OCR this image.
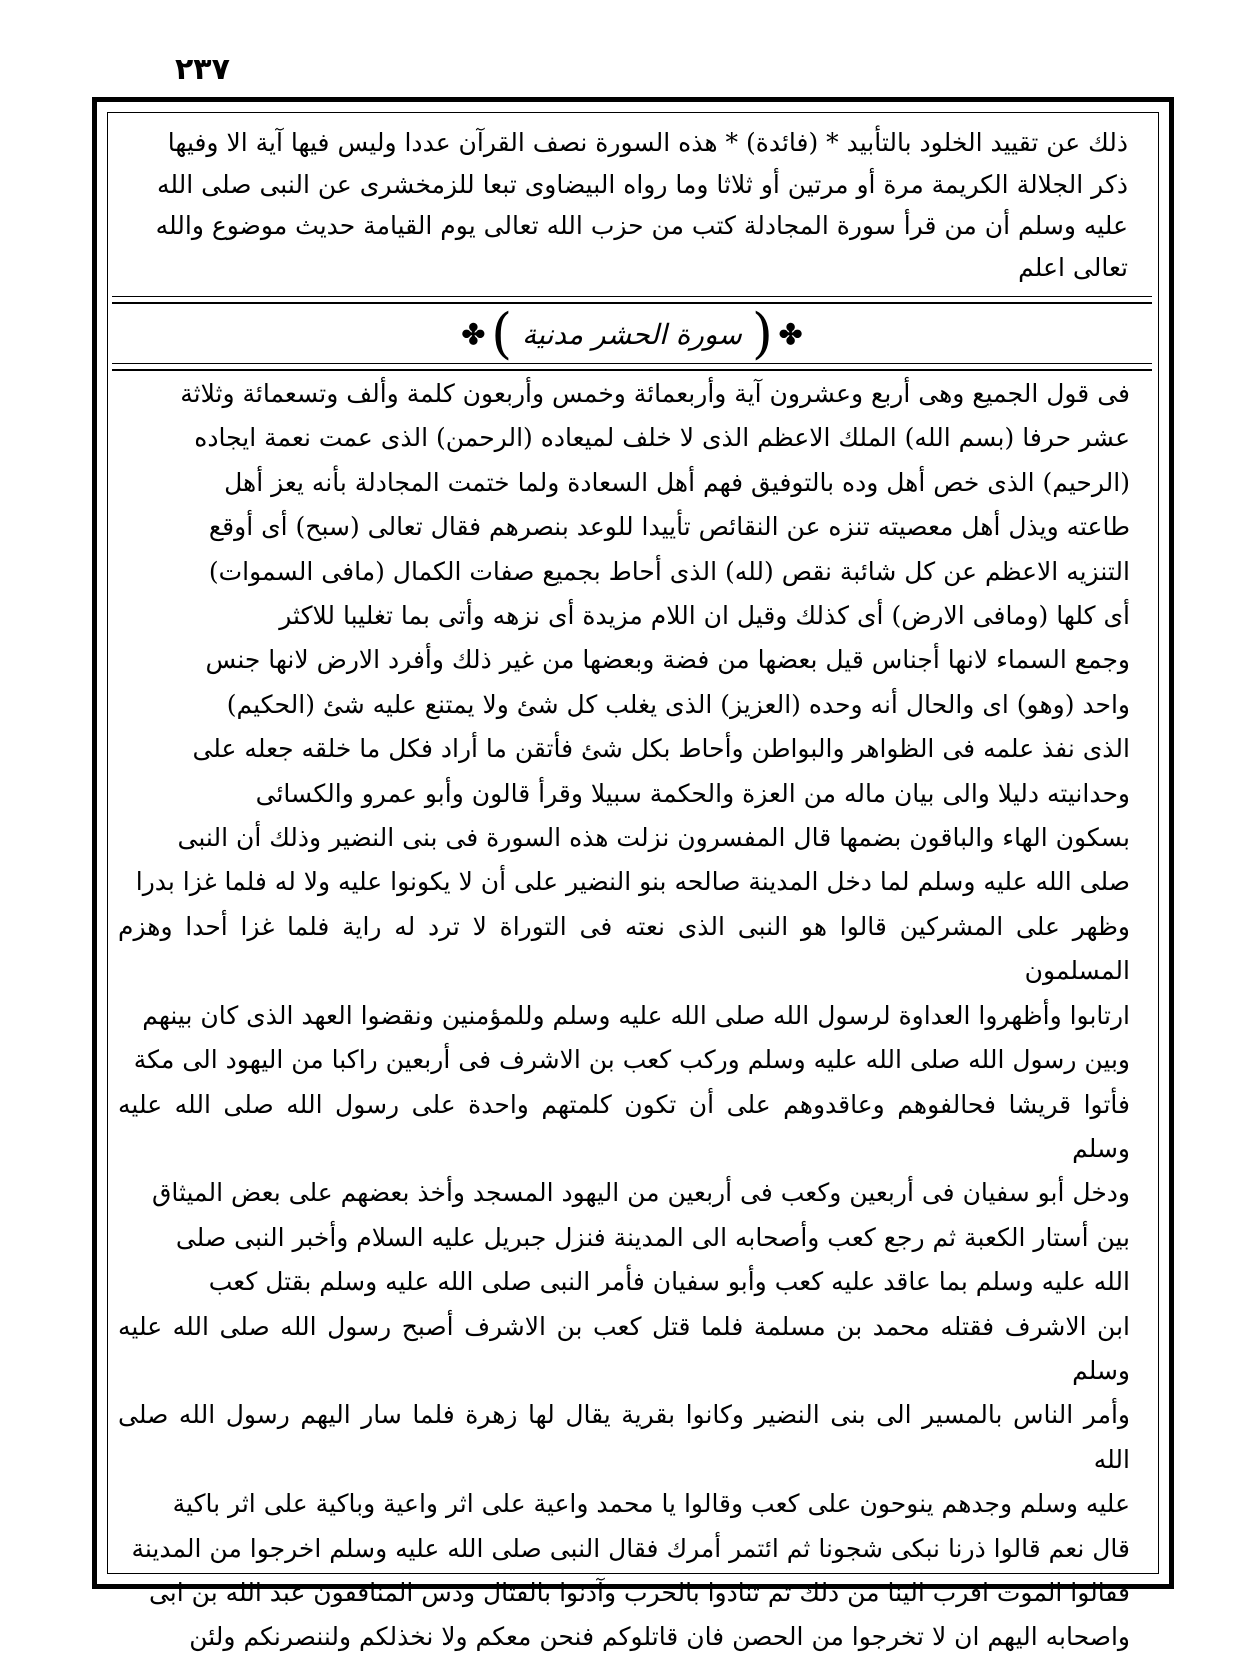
٢٣٧

ذلك عن تقييد الخلود بالتأبيد * (فائدة) * هذه السورة نصف القرآن عددا وليس فيها آية الا وفيها

ذكر الجلالة الكريمة مرة أو مرتين أو ثلاثا وما رواه البيضاوى تبعا للزمخشرى عن النبى صلى الله

عليه وسلم أن من قرأ سورة المجادلة كتب من حزب الله تعالى يوم القيامة حديث موضوع والله

تعالى اعلم

✤
(
سورة الحشر مدنية
)
✤

فى قول الجميع وهى أربع وعشرون آية وأربعمائة وخمس وأربعون كلمة وألف وتسعمائة وثلاثة

عشر حرفا (بسم الله) الملك الاعظم الذى لا خلف لميعاده (الرحمن) الذى عمت نعمة ايجاده

(الرحيم) الذى خص أهل وده بالتوفيق فهم أهل السعادة ولما ختمت المجادلة بأنه يعز أهل

طاعته ويذل أهل معصيته تنزه عن النقائص تأييدا للوعد بنصرهم فقال تعالى (سبح) أى أوقع

التنزيه الاعظم عن كل شائبة نقص (لله) الذى أحاط بجميع صفات الكمال (مافى السموات)

أى كلها (ومافى الارض) أى كذلك وقيل ان اللام مزيدة أى نزهه وأتى بما تغليبا للاكثر

وجمع السماء لانها أجناس قيل بعضها من فضة وبعضها من غير ذلك وأفرد الارض لانها جنس

واحد (وهو) اى والحال أنه وحده (العزيز) الذى يغلب كل شئ ولا يمتنع عليه شئ (الحكيم)

الذى نفذ علمه فى الظواهر والبواطن وأحاط بكل شئ فأتقن ما أراد فكل ما خلقه جعله على

وحدانيته دليلا والى بيان ماله من العزة والحكمة سبيلا وقرأ قالون وأبو عمرو والكسائى

بسكون الهاء والباقون بضمها قال المفسرون نزلت هذه السورة فى بنى النضير وذلك أن النبى

صلى الله عليه وسلم لما دخل المدينة صالحه بنو النضير على أن لا يكونوا عليه ولا له فلما غزا بدرا

وظهر على المشركين قالوا هو النبى الذى نعته فى التوراة لا ترد له راية فلما غزا أحدا وهزم المسلمون

ارتابوا وأظهروا العداوة لرسول الله صلى الله عليه وسلم وللمؤمنين ونقضوا العهد الذى كان بينهم

وبين رسول الله صلى الله عليه وسلم وركب كعب بن الاشرف فى أربعين راكبا من اليهود الى مكة

فأتوا قريشا فحالفوهم وعاقدوهم على أن تكون كلمتهم واحدة على رسول الله صلى الله عليه وسلم

ودخل أبو سفيان فى أربعين وكعب فى أربعين من اليهود المسجد وأخذ بعضهم على بعض الميثاق

بين أستار الكعبة ثم رجع كعب وأصحابه الى المدينة فنزل جبريل عليه السلام وأخبر النبى صلى

الله عليه وسلم بما عاقد عليه كعب وأبو سفيان فأمر النبى صلى الله عليه وسلم بقتل كعب

ابن الاشرف فقتله محمد بن مسلمة فلما قتل كعب بن الاشرف أصبح رسول الله صلى الله عليه وسلم

وأمر الناس بالمسير الى بنى النضير وكانوا بقرية يقال لها زهرة فلما سار اليهم رسول الله صلى الله

عليه وسلم وجدهم ينوحون على كعب وقالوا يا محمد واعية على اثر واعية وباكية على اثر باكية

قال نعم قالوا ذرنا نبكى شجونا ثم ائتمر أمرك فقال النبى صلى الله عليه وسلم اخرجوا من المدينة

فقالوا الموت اقرب الينا من ذلك ثم تنادوا بالحرب وآذنوا بالقتال ودس المنافقون عبد الله بن ابى

واصحابه اليهم ان لا تخرجوا من الحصن فان قاتلوكم فنحن معكم ولا نخذلكم ولننصرنكم ولئن
